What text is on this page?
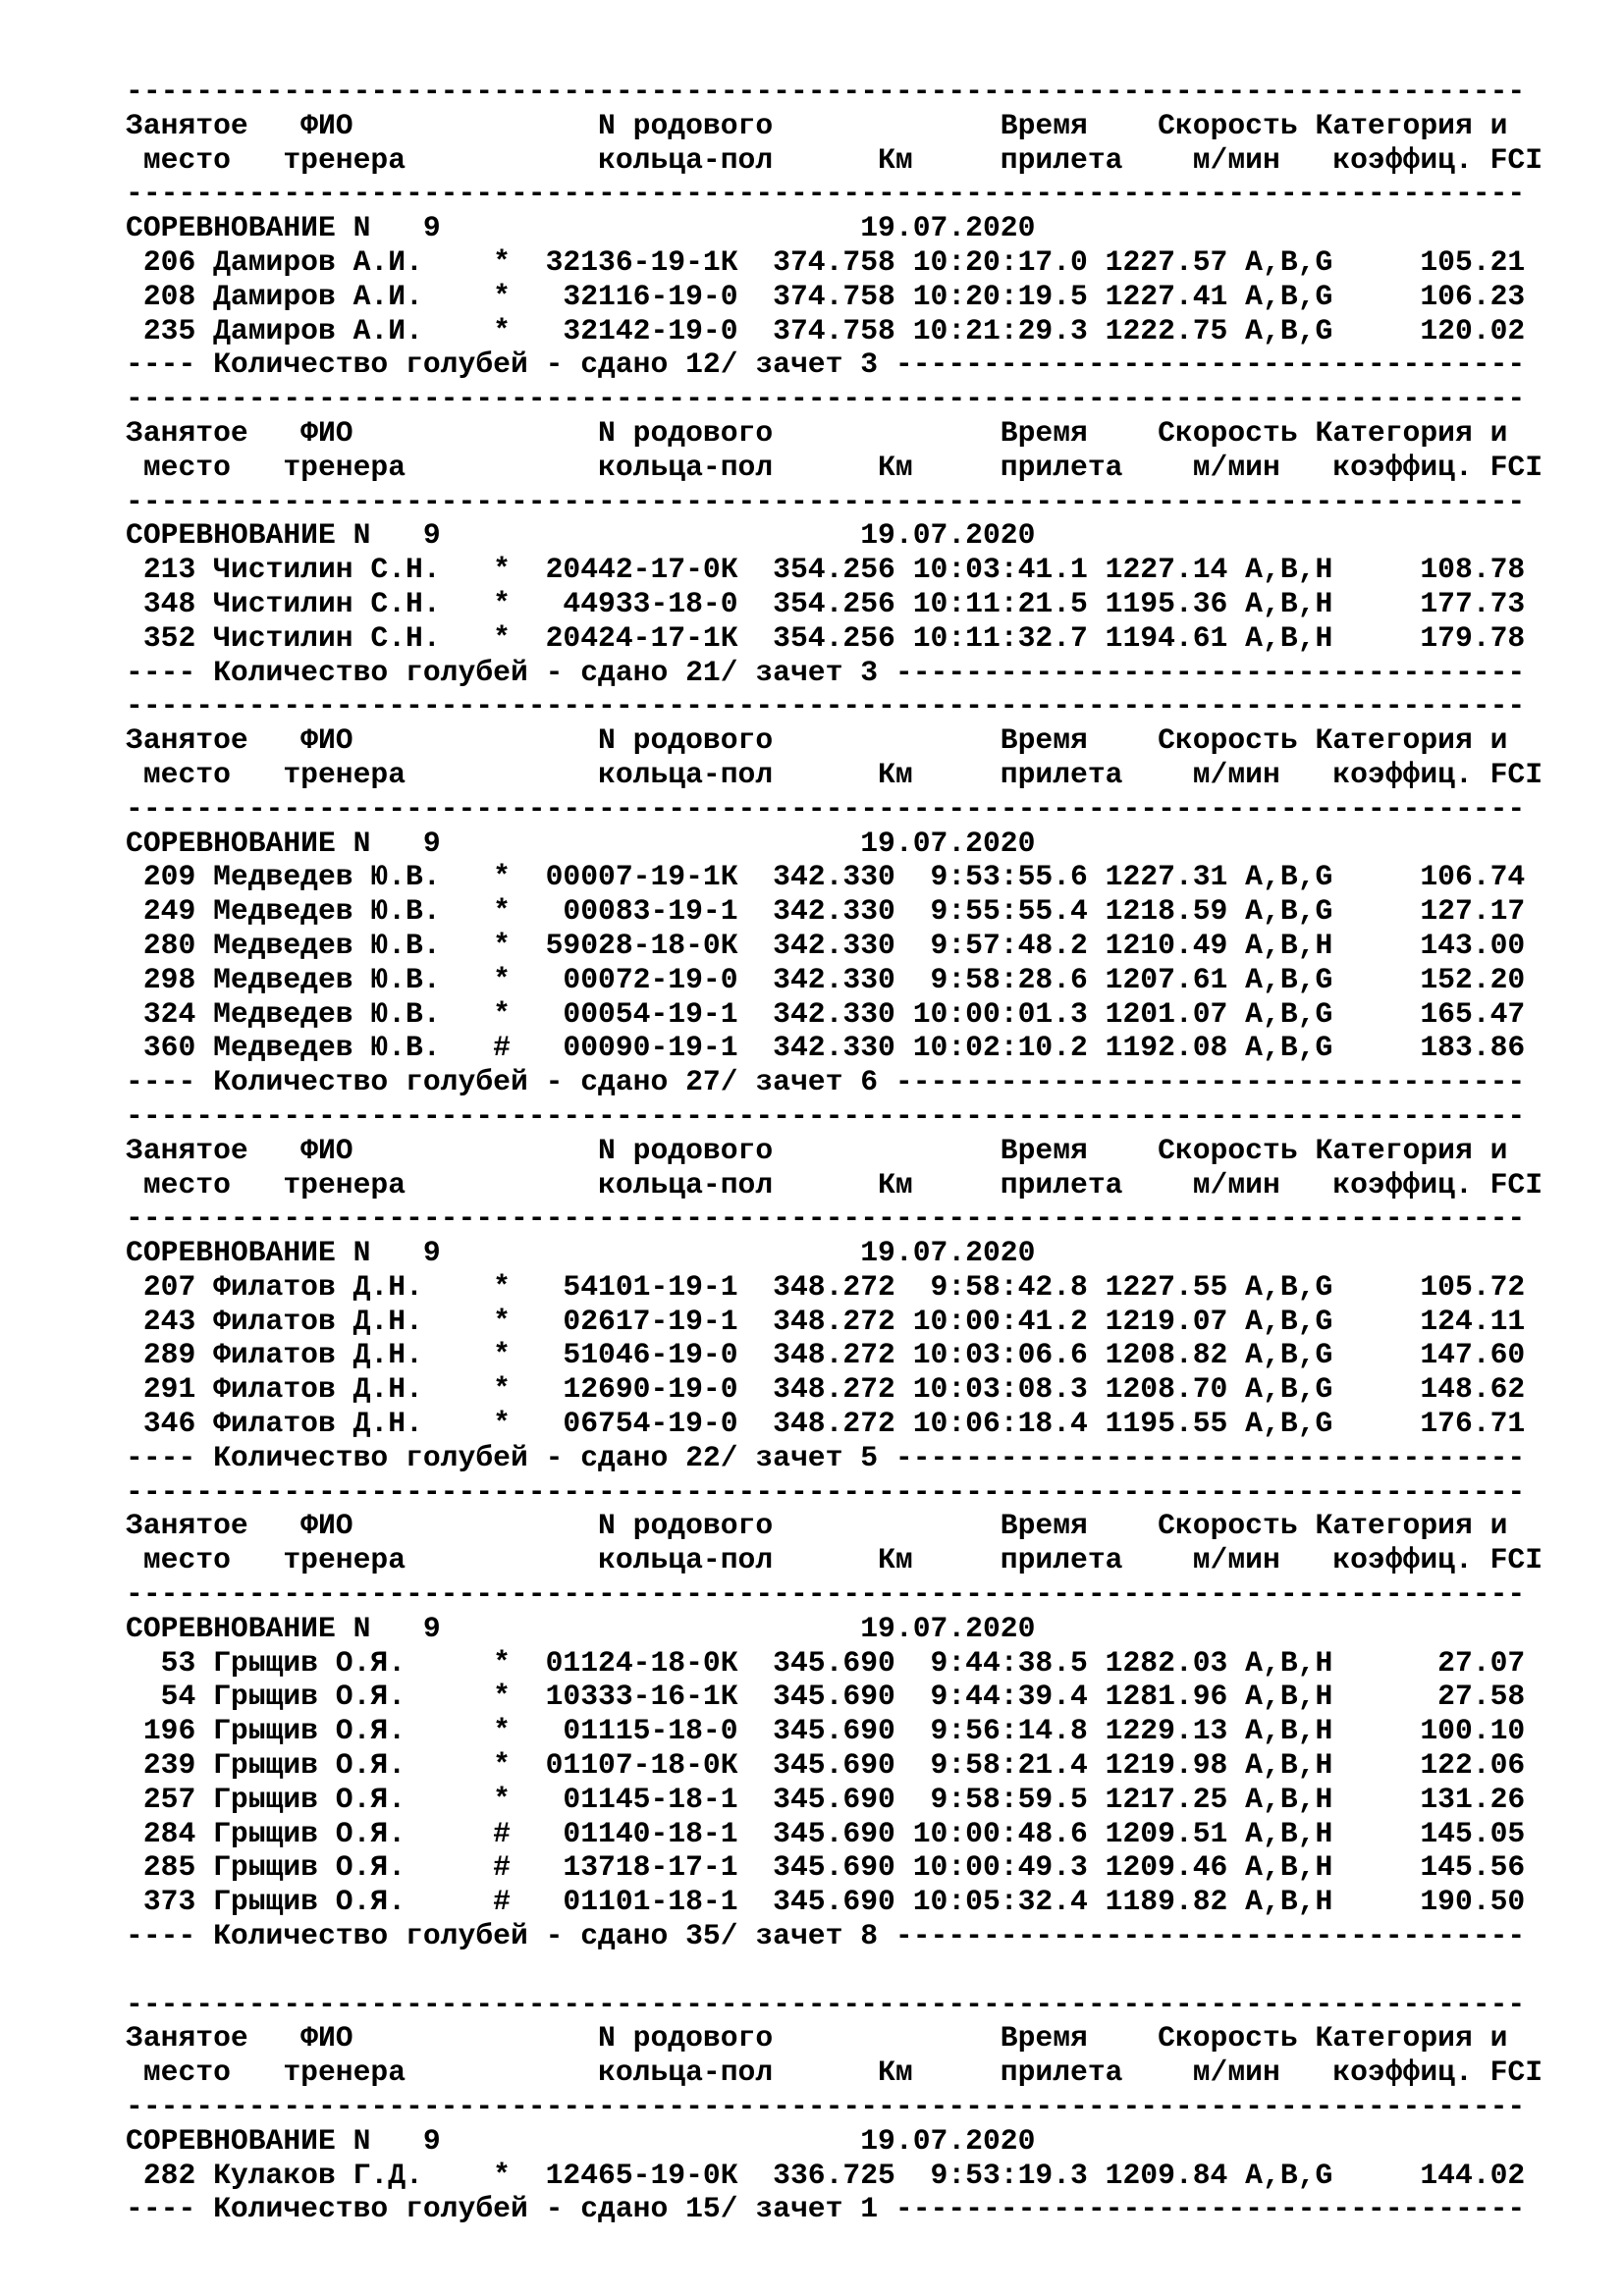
--------------------------------------------------------------------------------
Занятое   ФИО              N родового             Время    Скорость Категория и
место   тренера           кольца-пол      Км     прилета    м/мин   коэффиц. FCI
--------------------------------------------------------------------------------
СОРЕВНОВАНИЕ N   9                        19.07.2020
206 Дамиров А.И.    *  32136-19-1К  374.758 10:20:17.0 1227.57 A,B,G     105.21
208 Дамиров А.И.    *   32116-19-0  374.758 10:20:19.5 1227.41 A,B,G     106.23
235 Дамиров А.И.    *   32142-19-0  374.758 10:21:29.3 1222.75 A,B,G     120.02
---- Количество голубей - сдано 12/ зачет 3 ------------------------------------
--------------------------------------------------------------------------------
Занятое   ФИО              N родового             Время    Скорость Категория и
место   тренера           кольца-пол      Км     прилета    м/мин   коэффиц. FCI
--------------------------------------------------------------------------------
СОРЕВНОВАНИЕ N   9                        19.07.2020
213 Чистилин С.Н.   *  20442-17-0К  354.256 10:03:41.1 1227.14 A,B,H     108.78
348 Чистилин С.Н.   *   44933-18-0  354.256 10:11:21.5 1195.36 A,B,H     177.73
352 Чистилин С.Н.   *  20424-17-1К  354.256 10:11:32.7 1194.61 A,B,H     179.78
---- Количество голубей - сдано 21/ зачет 3 ------------------------------------
--------------------------------------------------------------------------------
Занятое   ФИО              N родового             Время    Скорость Категория и
место   тренера           кольца-пол      Км     прилета    м/мин   коэффиц. FCI
--------------------------------------------------------------------------------
СОРЕВНОВАНИЕ N   9                        19.07.2020
209 Медведев Ю.В.   *  00007-19-1К  342.330  9:53:55.6 1227.31 A,B,G     106.74
249 Медведев Ю.В.   *   00083-19-1  342.330  9:55:55.4 1218.59 A,B,G     127.17
280 Медведев Ю.В.   *  59028-18-0К  342.330  9:57:48.2 1210.49 A,B,H     143.00
298 Медведев Ю.В.   *   00072-19-0  342.330  9:58:28.6 1207.61 A,B,G     152.20
324 Медведев Ю.В.   *   00054-19-1  342.330 10:00:01.3 1201.07 A,B,G     165.47
360 Медведев Ю.В.   #   00090-19-1  342.330 10:02:10.2 1192.08 A,B,G     183.86
---- Количество голубей - сдано 27/ зачет 6 ------------------------------------
--------------------------------------------------------------------------------
Занятое   ФИО              N родового             Время    Скорость Категория и
место   тренера           кольца-пол      Км     прилета    м/мин   коэффиц. FCI
--------------------------------------------------------------------------------
СОРЕВНОВАНИЕ N   9                        19.07.2020
207 Филатов Д.Н.    *   54101-19-1  348.272  9:58:42.8 1227.55 A,B,G     105.72
243 Филатов Д.Н.    *   02617-19-1  348.272 10:00:41.2 1219.07 A,B,G     124.11
289 Филатов Д.Н.    *   51046-19-0  348.272 10:03:06.6 1208.82 A,B,G     147.60
291 Филатов Д.Н.    *   12690-19-0  348.272 10:03:08.3 1208.70 A,B,G     148.62
346 Филатов Д.Н.    *   06754-19-0  348.272 10:06:18.4 1195.55 A,B,G     176.71
---- Количество голубей - сдано 22/ зачет 5 ------------------------------------
--------------------------------------------------------------------------------
Занятое   ФИО              N родового             Время    Скорость Категория и
место   тренера           кольца-пол      Км     прилета    м/мин   коэффиц. FCI
--------------------------------------------------------------------------------
СОРЕВНОВАНИЕ N   9                        19.07.2020
53 Грыщив О.Я.     *  01124-18-0К  345.690  9:44:38.5 1282.03 A,B,H      27.07
54 Грыщив О.Я.     *  10333-16-1К  345.690  9:44:39.4 1281.96 A,B,H      27.58
196 Грыщив О.Я.     *   01115-18-0  345.690  9:56:14.8 1229.13 A,B,H     100.10
239 Грыщив О.Я.     *  01107-18-0К  345.690  9:58:21.4 1219.98 A,B,H     122.06
257 Грыщив О.Я.     *   01145-18-1  345.690  9:58:59.5 1217.25 A,B,H     131.26
284 Грыщив О.Я.     #   01140-18-1  345.690 10:00:48.6 1209.51 A,B,H     145.05
285 Грыщив О.Я.     #   13718-17-1  345.690 10:00:49.3 1209.46 A,B,H     145.56
373 Грыщив О.Я.     #   01101-18-1  345.690 10:05:32.4 1189.82 A,B,H     190.50
---- Количество голубей - сдано 35/ зачет 8 ------------------------------------

--------------------------------------------------------------------------------
Занятое   ФИО              N родового             Время    Скорость Категория и
место   тренера           кольца-пол      Км     прилета    м/мин   коэффиц. FCI
--------------------------------------------------------------------------------
СОРЕВНОВАНИЕ N   9                        19.07.2020
282 Кулаков Г.Д.    *  12465-19-0К  336.725  9:53:19.3 1209.84 A,B,G     144.02
---- Количество голубей - сдано 15/ зачет 1 ------------------------------------
